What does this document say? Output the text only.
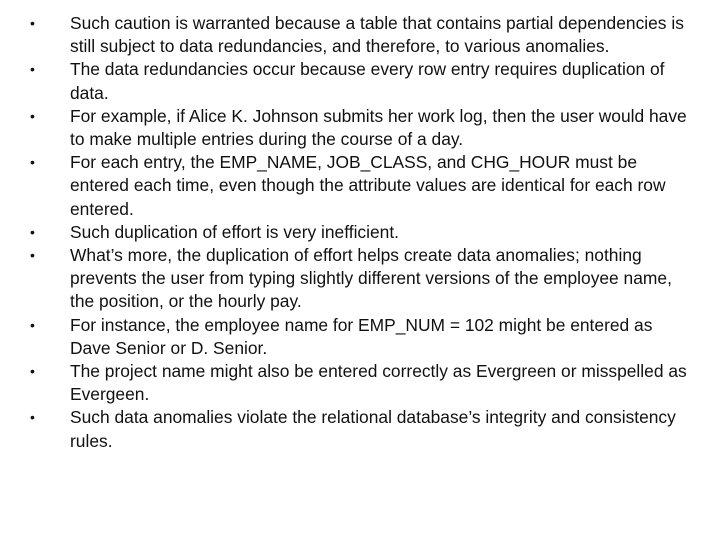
•	Such caution is warranted because a table that contains partial dependencies is still subject to data redundancies, and therefore, to various anomalies.
•	The data redundancies occur because every row entry requires duplication of data.
•	For example, if Alice K. Johnson submits her work log, then the user would have to make multiple entries during the course of a day.
•	For each entry, the EMP_NAME, JOB_CLASS, and CHG_HOUR must be entered each time, even though the attribute values are identical for each row entered.
•	Such duplication of effort is very inefficient.
•	What’s more, the duplication of effort helps create data anomalies; nothing prevents the user from typing slightly different versions of the employee name, the position, or the hourly pay.
•	For instance, the employee name for EMP_NUM = 102 might be entered as Dave Senior or D. Senior.
•	The project name might also be entered correctly as Evergreen or misspelled as Evergeen.
•	Such data anomalies violate the relational database’s integrity and consistency rules.
